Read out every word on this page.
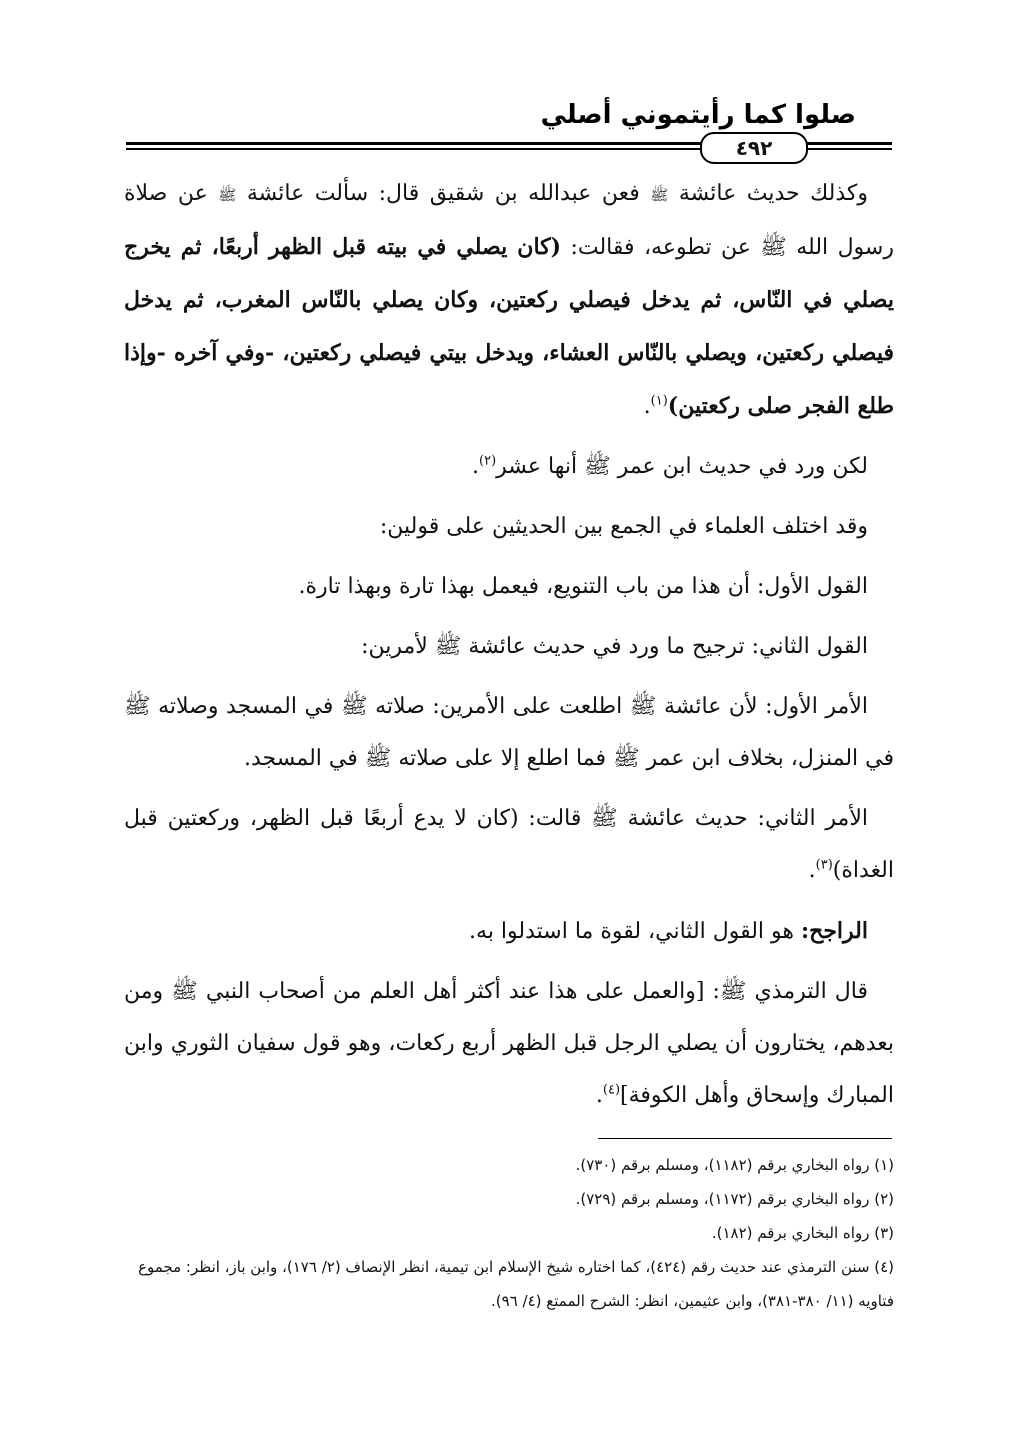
صلوا كما رأيتموني أصلي
٤٩٢

وكذلك حديث عائشة ﷺ فعن عبدالله بن شقيق قال: سألت عائشة ﷺ عن صلاة رسول الله ﷺ عن تطوعه، فقالت: (كان يصلي في بيته قبل الظهر أربعًا، ثم يخرج يصلي في النّاس، ثم يدخل فيصلي ركعتين، وكان يصلي بالنّاس المغرب، ثم يدخل فيصلي ركعتين، ويصلي بالنّاس العشاء، ويدخل بيتي فيصلي ركعتين، -وفي آخره -وإذا طلع الفجر صلى ركعتين)$^{(١)}$.

لكن ورد في حديث ابن عمر ﷺ أنها عشر$^{(٢)}$.

وقد اختلف العلماء في الجمع بين الحديثين على قولين:

القول الأول: أن هذا من باب التنويع، فيعمل بهذا تارة وبهذا تارة.

القول الثاني: ترجيح ما ورد في حديث عائشة ﷺ لأمرين:

الأمر الأول: لأن عائشة ﷺ اطلعت على الأمرين: صلاته ﷺ في المسجد وصلاته ﷺ في المنزل، بخلاف ابن عمر ﷺ فما اطلع إلا على صلاته ﷺ في المسجد.

الأمر الثاني: حديث عائشة ﷺ قالت: (كان لا يدع أربعًا قبل الظهر، وركعتين قبل الغداة)$^{(٣)}$.

الراجح: هو القول الثاني، لقوة ما استدلوا به.

قال الترمذي ﷺ: [والعمل على هذا عند أكثر أهل العلم من أصحاب النبي ﷺ ومن بعدهم، يختارون أن يصلي الرجل قبل الظهر أربع ركعات، وهو قول سفيان الثوري وابن المبارك وإسحاق وأهل الكوفة]$^{(٤)}$.

(١) رواه البخاري برقم (١١٨٢)، ومسلم برقم (٧٣٠).

(٢) رواه البخاري برقم (١١٧٢)، ومسلم برقم (٧٢٩).

(٣) رواه البخاري برقم (١٨٢).

(٤) سنن الترمذي عند حديث رقم (٤٢٤)، كما اختاره شيخ الإسلام ابن تيمية، انظر الإنصاف (٢/ ١٧٦)، وابن باز، انظر: مجموع فتاويه (١١/ ٣٨٠-٣٨١)، وابن عثيمين، انظر: الشرح الممتع (٤/ ٩٦).
